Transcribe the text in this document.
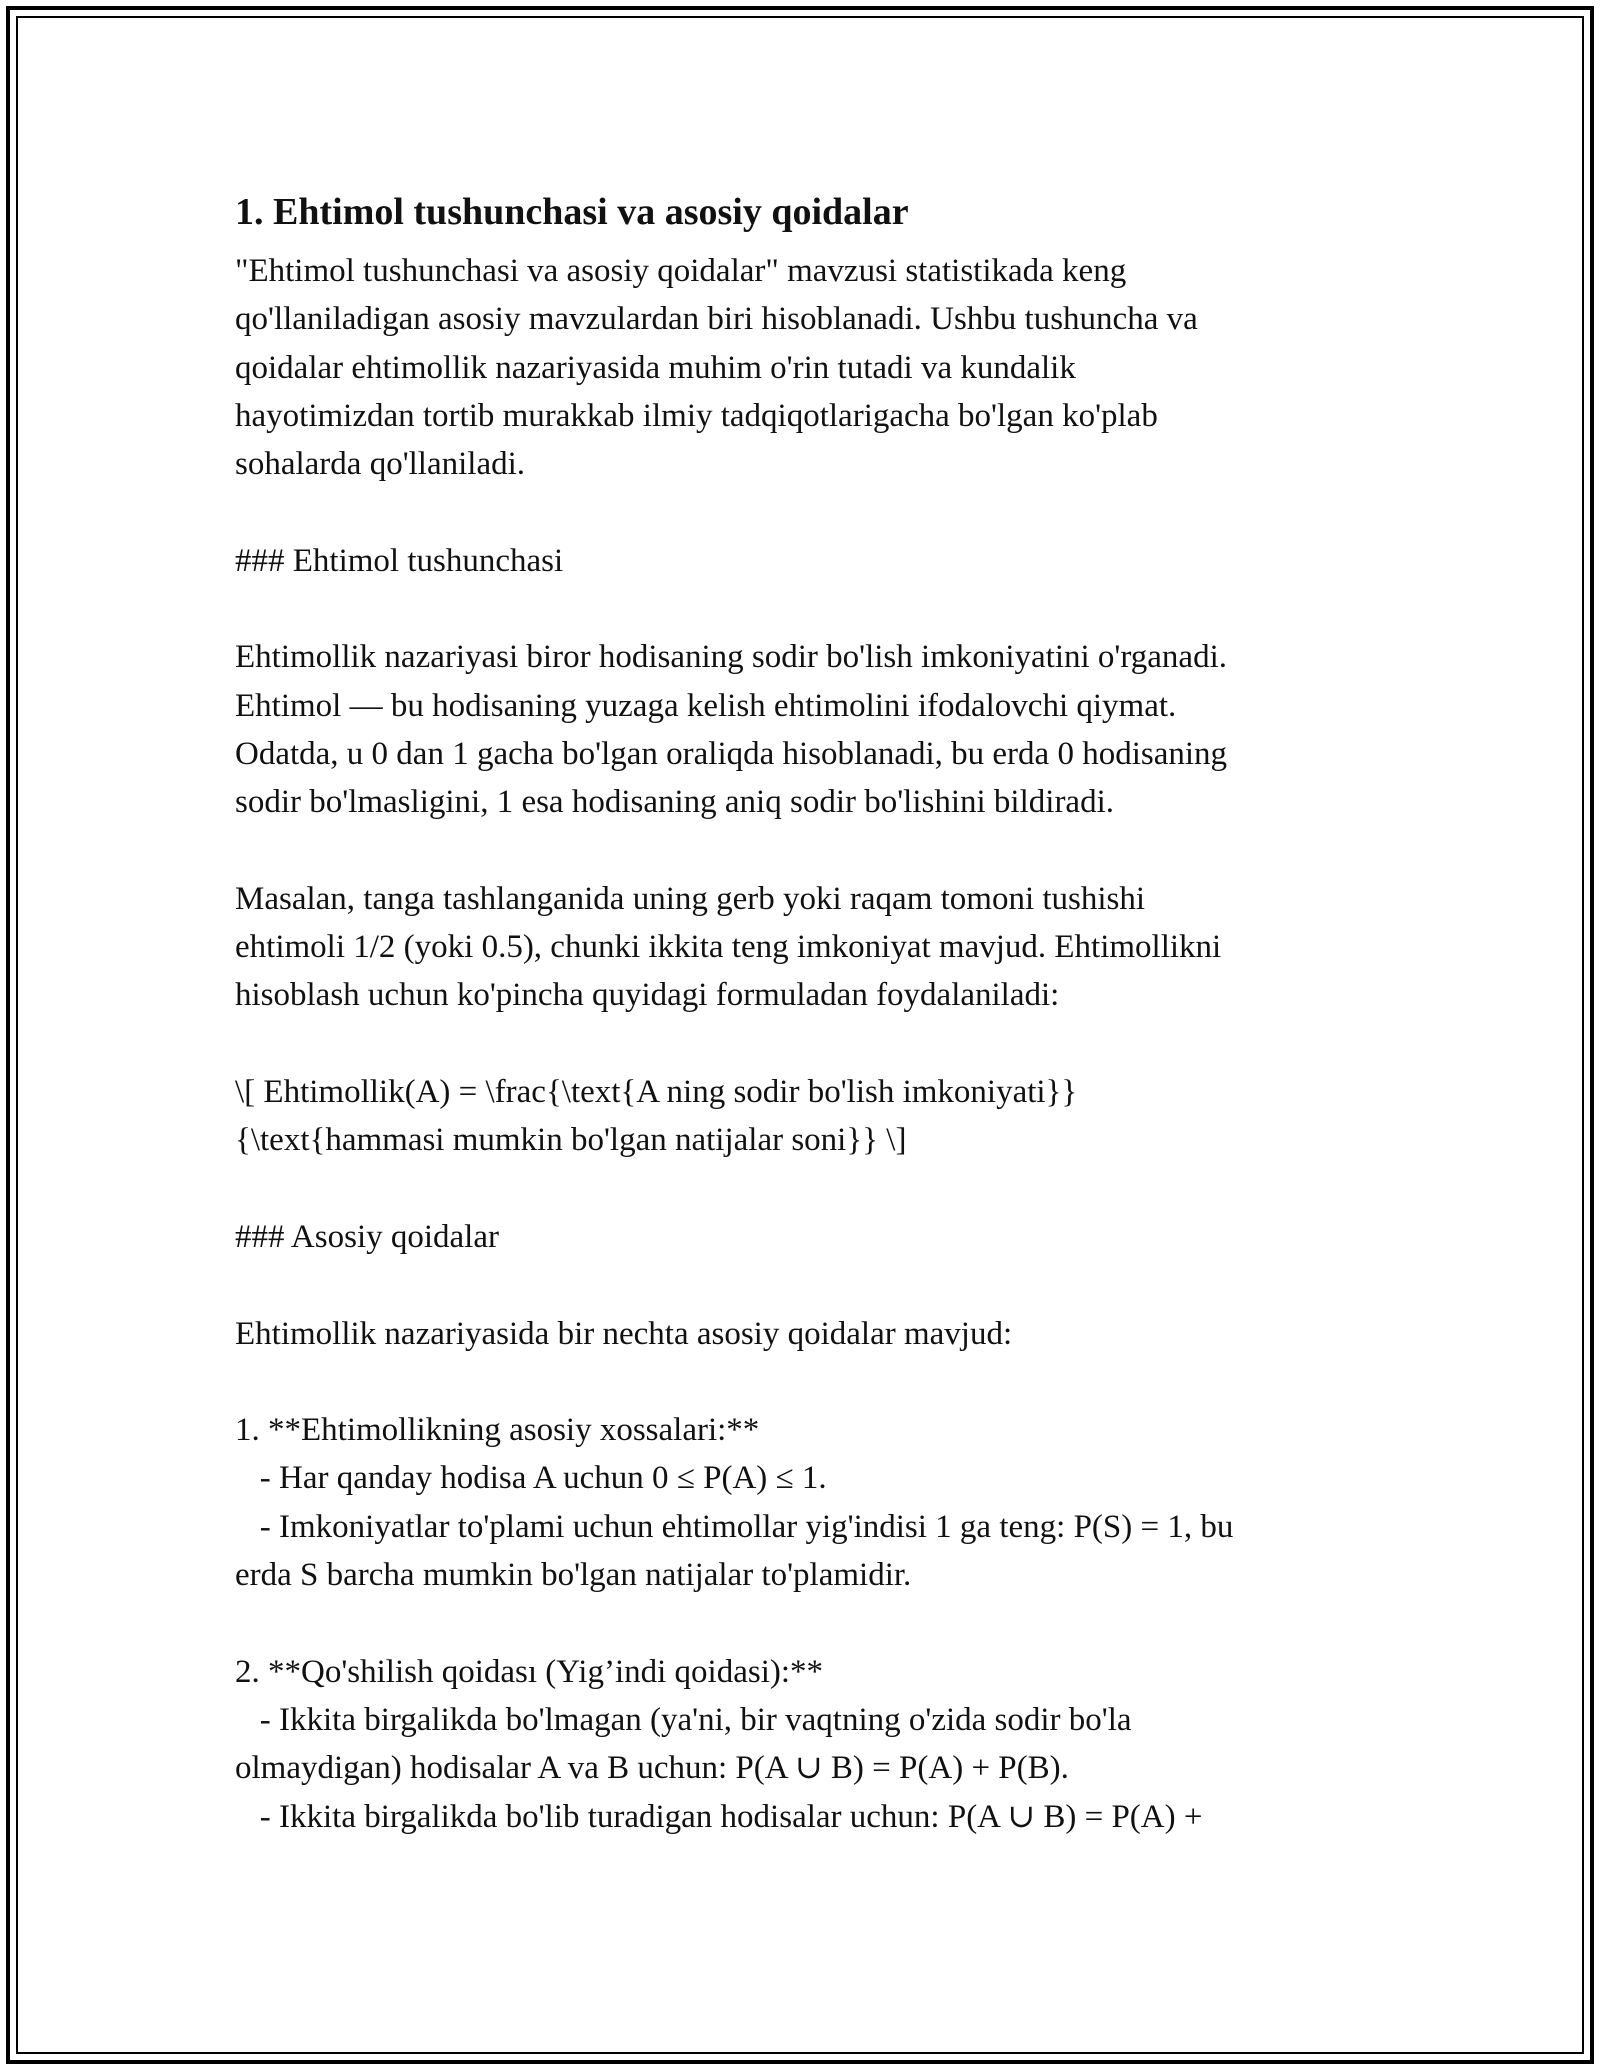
1. Ehtimol tushunchasi va asosiy qoidalar
"Ehtimol tushunchasi va asosiy qoidalar" mavzusi statistikada keng
qo'llaniladigan asosiy mavzulardan biri hisoblanadi. Ushbu tushuncha va
qoidalar ehtimollik nazariyasida muhim o'rin tutadi va kundalik
hayotimizdan tortib murakkab ilmiy tadqiqotlarigacha bo'lgan ko'plab
sohalarda qo'llaniladi.
### Ehtimol tushunchasi
Ehtimollik nazariyasi biror hodisaning sodir bo'lish imkoniyatini o'rganadi.
Ehtimol — bu hodisaning yuzaga kelish ehtimolini ifodalovchi qiymat.
Odatda, u 0 dan 1 gacha bo'lgan oraliqda hisoblanadi, bu erda 0 hodisaning
sodir bo'lmasligini, 1 esa hodisaning aniq sodir bo'lishini bildiradi.
Masalan, tanga tashlanganida uning gerb yoki raqam tomoni tushishi
ehtimoli 1/2 (yoki 0.5), chunki ikkita teng imkoniyat mavjud. Ehtimollikni
hisoblash uchun ko'pincha quyidagi formuladan foydalaniladi:
\[ Ehtimollik(A) = \frac{\text{A ning sodir bo'lish imkoniyati}}
{\text{hammasi mumkin bo'lgan natijalar soni}} \]
### Asosiy qoidalar
Ehtimollik nazariyasida bir nechta asosiy qoidalar mavjud:
1. **Ehtimollikning asosiy xossalari:**
- Har qanday hodisa A uchun 0 ≤ P(A) ≤ 1.
- Imkoniyatlar to'plami uchun ehtimollar yig'indisi 1 ga teng: P(S) = 1, bu
erda S barcha mumkin bo'lgan natijalar to'plamidir.
2. **Qo'shilish qoidası (Yig’indi qoidasi):**
- Ikkita birgalikda bo'lmagan (ya'ni, bir vaqtning o'zida sodir bo'la
olmaydigan) hodisalar A va B uchun: P(A ∪ B) = P(A) + P(B).
- Ikkita birgalikda bo'lib turadigan hodisalar uchun: P(A ∪ B) = P(A) +
